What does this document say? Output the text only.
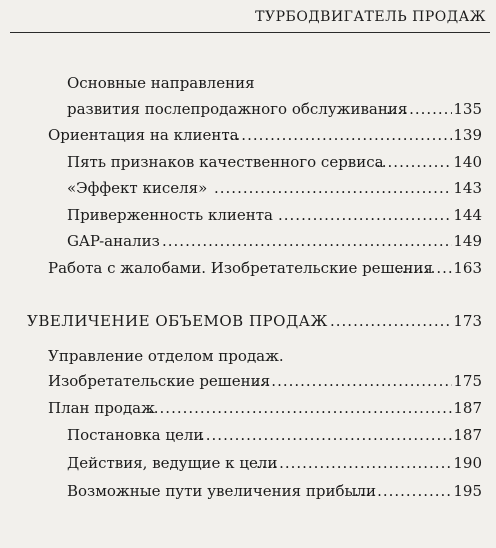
ТУРБОДВИГАТЕЛЬ ПРОДАЖ
Основные направления
развития послепродажного обслуживания .....	135
Ориентация на клиента .....	139
Пять признаков качественного сервиса .....	140
«Эффект киселя» .....	143
Приверженность клиента .....	144
GAP-анализ .....	149
Работа с жалобами. Изобретательские решения .....	163
УВЕЛИЧЕНИЕ ОБЪЕМОВ ПРОДАЖ .....	173
Управление отделом продаж.
Изобретательские решения .....	175
План продаж .....	187
Постановка цели .....	187
Действия, ведущие к цели .....	190
Возможные пути увеличения прибыли .....	195
